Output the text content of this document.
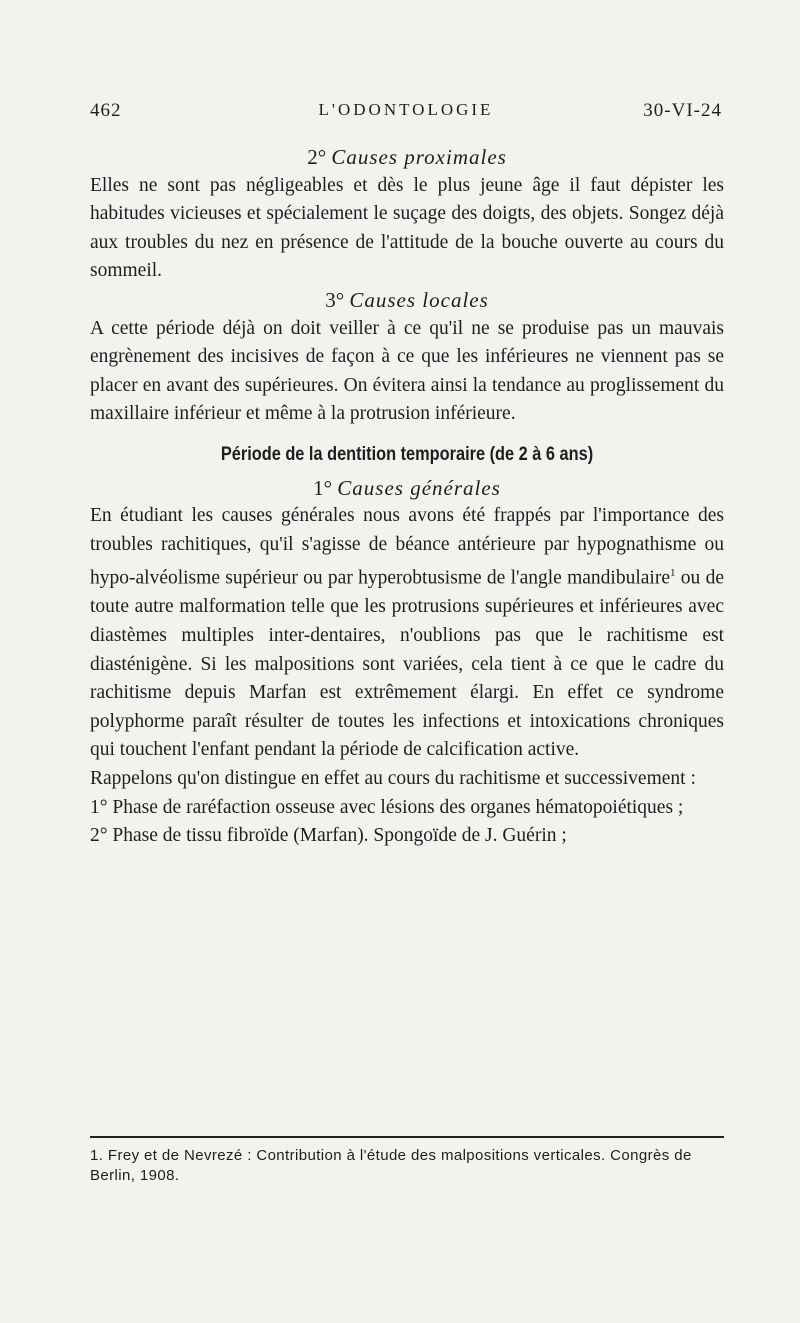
462	L'ODONTOLOGIE	30-VI-24

2° Causes proximales

Elles ne sont pas négligeables et dès le plus jeune âge il faut dépister les habitudes vicieuses et spécialement le suçage des doigts, des objets. Songez déjà aux troubles du nez en présence de l'attitude de la bouche ouverte au cours du sommeil.

3° Causes locales

A cette période déjà on doit veiller à ce qu'il ne se produise pas un mauvais engrènement des incisives de façon à ce que les inférieures ne viennent pas se placer en avant des supérieures. On évitera ainsi la tendance au proglissement du maxillaire inférieur et même à la protrusion inférieure.

Période de la dentition temporaire (de 2 à 6 ans)

1° Causes générales

En étudiant les causes générales nous avons été frappés par l'importance des troubles rachitiques, qu'il s'agisse de béance antérieure par hypognathisme ou hypo-alvéolisme supérieur ou par hyperobtusisme de l'angle mandibulaire$^1$ ou de toute autre malformation telle que les protrusions supérieures et inférieures avec diastèmes multiples inter-dentaires, n'oublions pas que le rachitisme est diasténigène. Si les malpositions sont variées, cela tient à ce que le cadre du rachitisme depuis Marfan est extrêmement élargi. En effet ce syndrome polyphorme paraît résulter de toutes les infections et intoxications chroniques qui touchent l'enfant pendant la période de calcification active.

Rappelons qu'on distingue en effet au cours du rachitisme et successivement :

1° Phase de raréfaction osseuse avec lésions des organes hématopoiétiques ;

2° Phase de tissu fibroïde (Marfan). Spongoïde de J. Guérin ;

1. Frey et de Nevrezé : Contribution à l'étude des malpositions verticales. Congrès de Berlin, 1908.
